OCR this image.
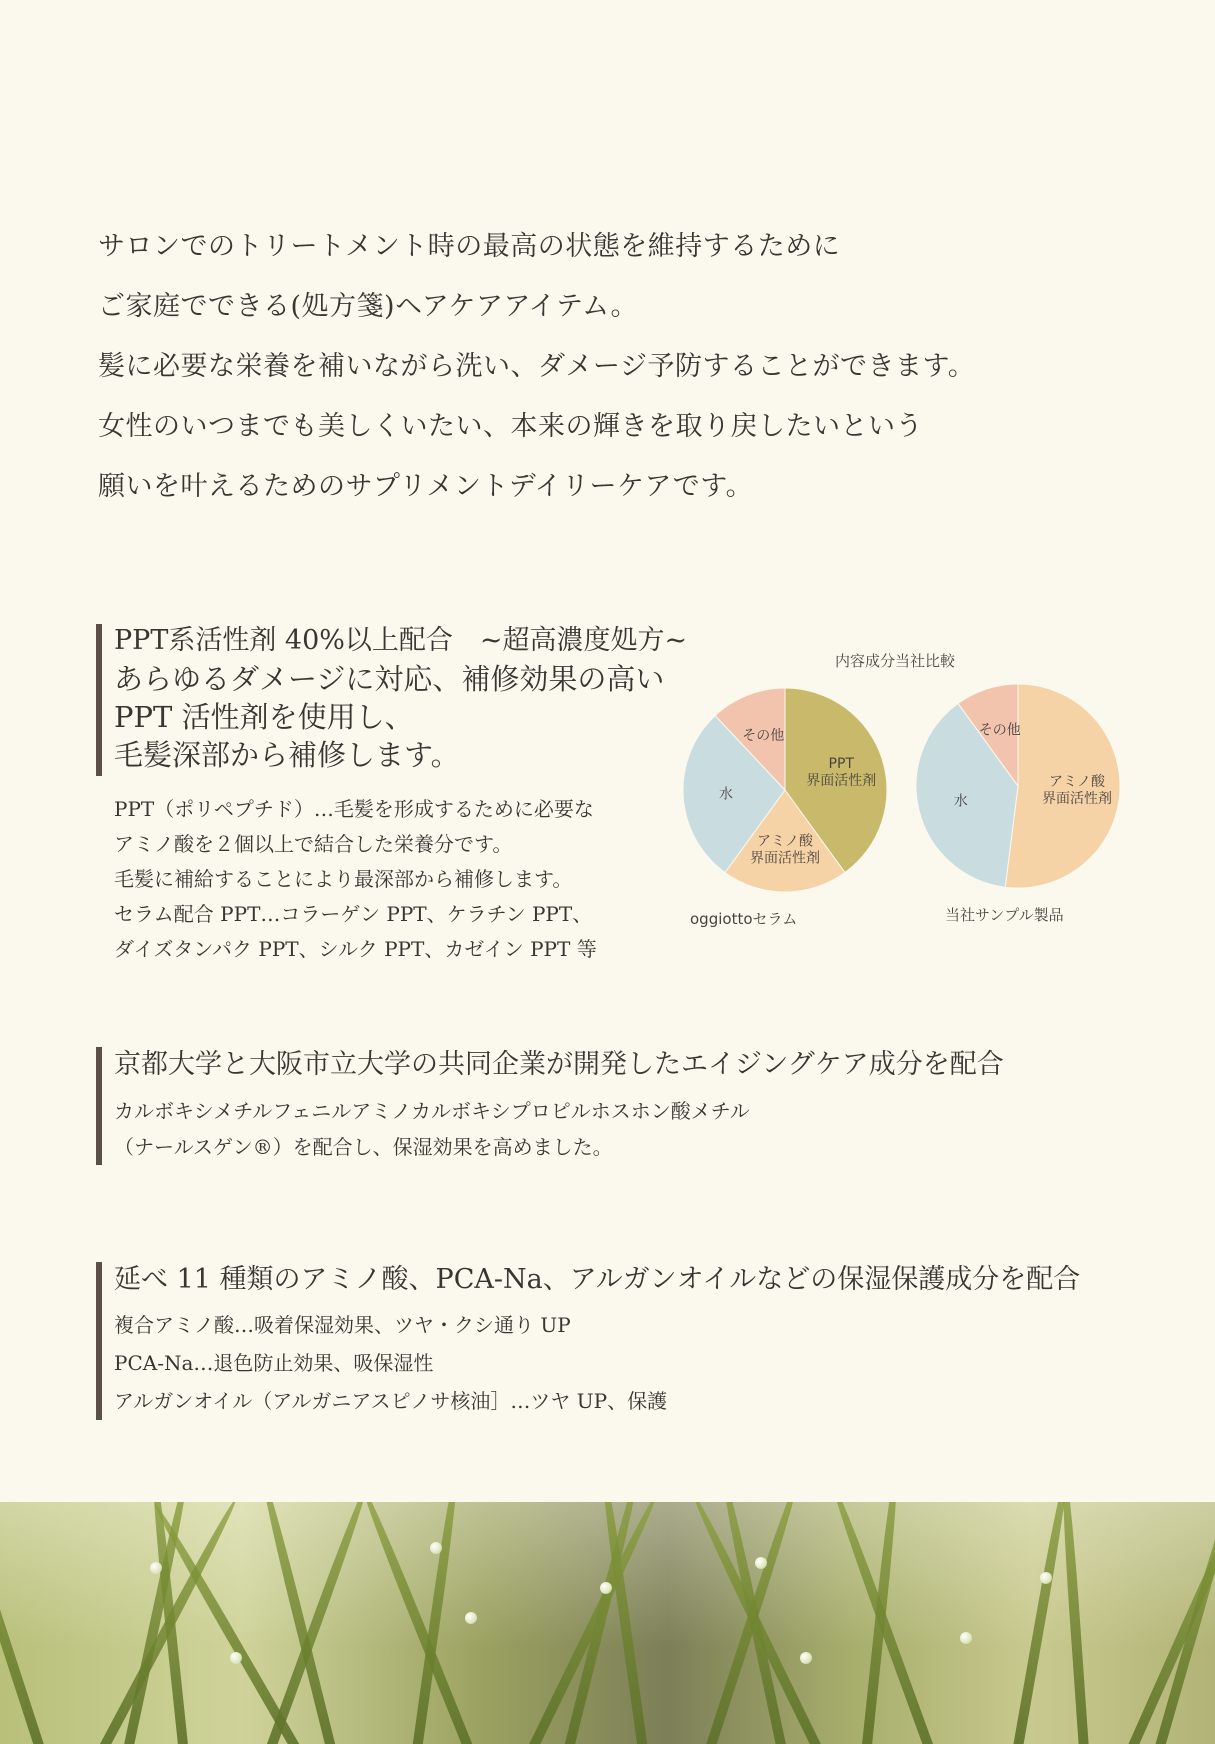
サロンでのトリートメント時の最高の状態を維持するために
ご家庭でできる(処方箋)ヘアケアアイテム。
髪に必要な栄養を補いながら洗い、ダメージ予防することができます。
女性のいつまでも美しくいたい、本来の輝きを取り戻したいという
願いを叶えるためのサプリメントデイリーケアです。
PPT系活性剤 40%以上配合　~超高濃度処方~
あらゆるダメージに対応、補修効果の高い
PPT 活性剤を使用し、
毛髪深部から補修します。
PPT（ポリペプチド）…毛髪を形成するために必要な
アミノ酸を２個以上で結合した栄養分です。
毛髪に補給することにより最深部から補修します。
セラム配合 PPT…コラーゲン PPT、ケラチン PPT、
ダイズタンパク PPT、シルク PPT、カゼイン PPT 等
内容成分当社比較
PPT 界面活性剤
アミノ酸界面活性剤
水
その他
アミノ酸界面活性剤
水
その他
oggiottoセラム	当社サンプル製品
京都大学と大阪市立大学の共同企業が開発したエイジングケア成分を配合
カルボキシメチルフェニルアミノカルボキシプロピルホスホン酸メチル
（ナールスゲン®）を配合し、保湿効果を高めました。
延べ 11 種類のアミノ酸、PCA-Na、アルガンオイルなどの保湿保護成分を配合
複合アミノ酸…吸着保湿効果、ツヤ・クシ通り UP
PCA-Na…退色防止効果、吸保湿性
アルガンオイル（アルガニアスピノサ核油］…ツヤ UP、保護
